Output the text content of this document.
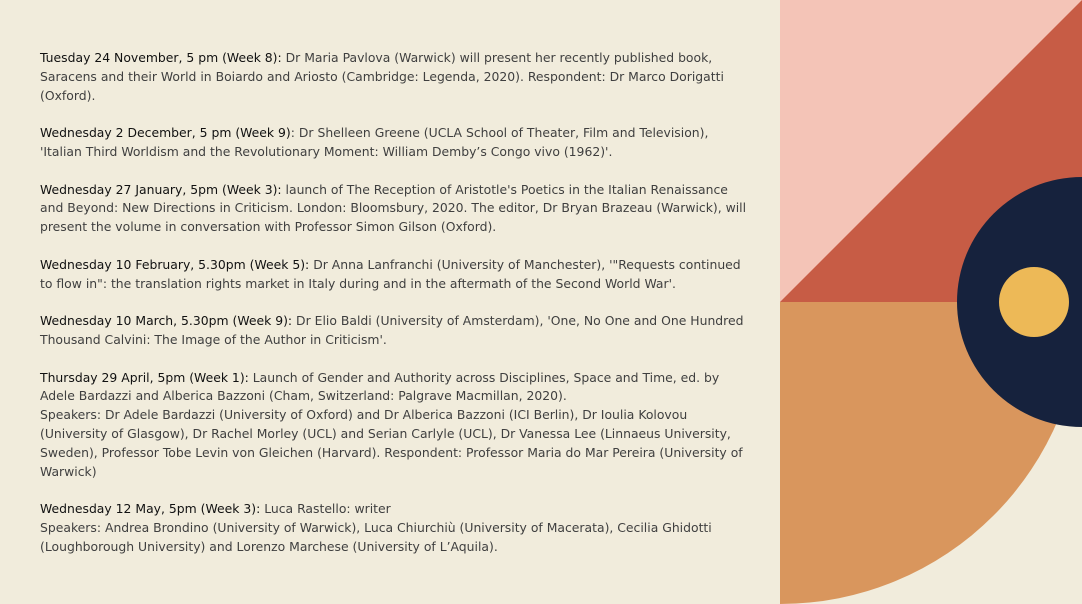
Tuesday 24 November, 5 pm (Week 8): Dr Maria Pavlova (Warwick) will present her recently published book, Saracens and their World in Boiardo and Ariosto (Cambridge: Legenda, 2020). Respondent: Dr Marco Dorigatti (Oxford).

Wednesday 2 December, 5 pm (Week 9): Dr Shelleen Greene (UCLA School of Theater, Film and Television), 'Italian Third Worldism and the Revolutionary Moment: William Demby’s Congo vivo (1962)'.

Wednesday 27 January, 5pm (Week 3): launch of The Reception of Aristotle's Poetics in the Italian Renaissance and Beyond: New Directions in Criticism. London: Bloomsbury, 2020. The editor, Dr Bryan Brazeau (Warwick), will present the volume in conversation with Professor Simon Gilson (Oxford).

Wednesday 10 February, 5.30pm (Week 5): Dr Anna Lanfranchi (University of Manchester), '"Requests continued to flow in": the translation rights market in Italy during and in the aftermath of the Second World War'.

Wednesday 10 March, 5.30pm (Week 9): Dr Elio Baldi (University of Amsterdam), 'One, No One and One Hundred Thousand Calvini: The Image of the Author in Criticism'.

Thursday 29 April, 5pm (Week 1): Launch of Gender and Authority across Disciplines, Space and Time, ed. by Adele Bardazzi and Alberica Bazzoni (Cham, Switzerland: Palgrave Macmillan, 2020).
Speakers: Dr Adele Bardazzi (University of Oxford) and Dr Alberica Bazzoni (ICI Berlin), Dr Ioulia Kolovou (University of Glasgow), Dr Rachel Morley (UCL) and Serian Carlyle (UCL), Dr Vanessa Lee (Linnaeus University, Sweden), Professor Tobe Levin von Gleichen (Harvard). Respondent: Professor Maria do Mar Pereira (University of Warwick)

Wednesday 12 May, 5pm (Week 3): Luca Rastello: writer
Speakers: Andrea Brondino (University of Warwick), Luca Chiurchiù (University of Macerata), Cecilia Ghidotti (Loughborough University) and Lorenzo Marchese (University of L’Aquila).
